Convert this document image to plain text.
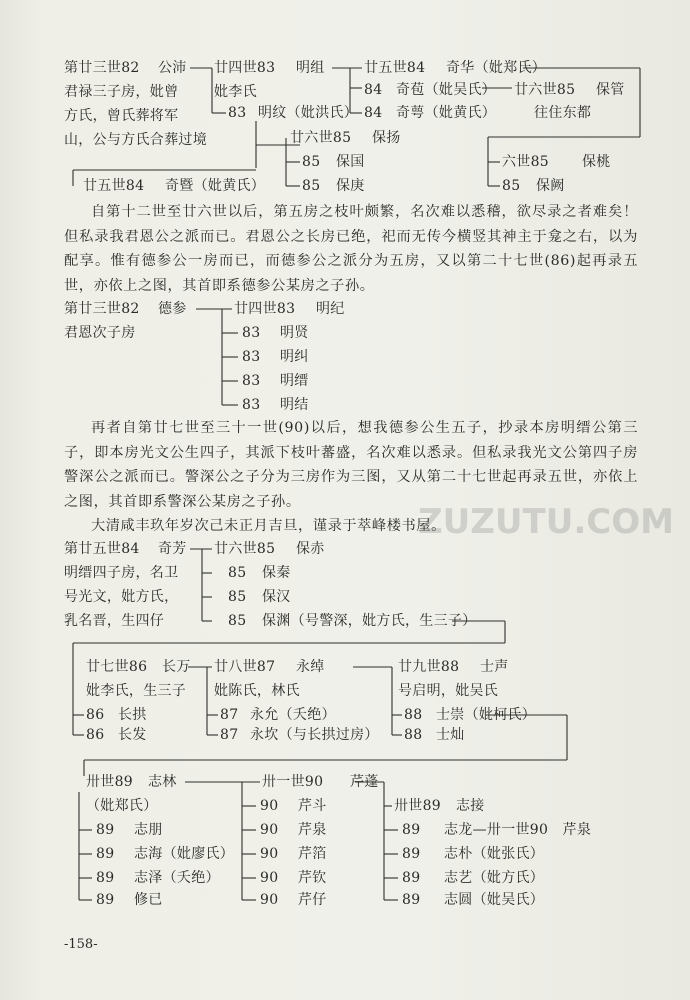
ZUZUTU.COM
第廿三世82 公沛
君禄三子房，妣曾
方氏，曾氏葬将军
山，公与方氏合葬过境
廿四世83 明组
妣李氏
83 明纹（妣洪氏）
廿五世84 奇华（妣郑氏）
84 奇苞（妣吴氏）
84 奇萼（妣黄氏）
廿六世85 保管
往住东都
廿六世85 保扬
85 保国
85 保庚
廿五世84 奇暨（妣黄氏）
六世85 保桃
85 保阙
自第十二世至廿六世以后，第五房之枝叶颇繁，名次难以悉稽，欲尽录之者难矣！但私录我君恩公之派而已。君恩公之长房已绝，祀而无传今横竖其神主于龛之右，以为配享。惟有德参公一房而已，而德参公之派分为五房，又以第二十七世(86)起再录五世，亦依上之图，其首即系德参公某房之子孙。
第廿三世82 德参
君恩次子房
廿四世83 明纪
83 明贤
83 明纠
83 明缙
83 明结
再者自第廿七世至三十一世(90)以后，想我德参公生五子，抄录本房明缙公第三子，即本房光文公生四子，其派下枝叶蕃盛，名次难以悉录。但私录我光文公第四子房警深公之派而已。警深公之子分为三房作为三图，又从第二十七世起再录五世，亦依上之图，其首即系警深公某房之子孙。
大清咸丰玖年岁次己未正月吉旦，谨录于萃峰楼书屋。
第廿五世84 奇芳
明缙四子房，名卫
号光文，妣方氏，
乳名晋，生四仔
廿六世85 保赤
85 保秦
85 保汉
85 保渊（号警深，妣方氏，生三子）
廿七世86 长万
妣李氏，生三子
86 长拱
86 长发
廿八世87 永绰
妣陈氏，林氏
87 永允（夭绝）
87 永坎（与长拱过房）
廿九世88 士声
号启明，妣吴氏
88 士崇（妣柯氏）
88 士灿
卅世89 志林
（妣郑氏）
89 志朋
89 志海（妣廖氏）
89 志泽（夭绝）
89 修已
卅一世90 芹蓬
90 芹斗
90 芹泉
90 芹箔
90 芹钦
90 芹仔
卅世89 志接
89 志龙—卅一世90　芹泉
89 志朴（妣张氏）
89 志艺（妣方氏）
89 志圆（妣吴氏）
-158-
